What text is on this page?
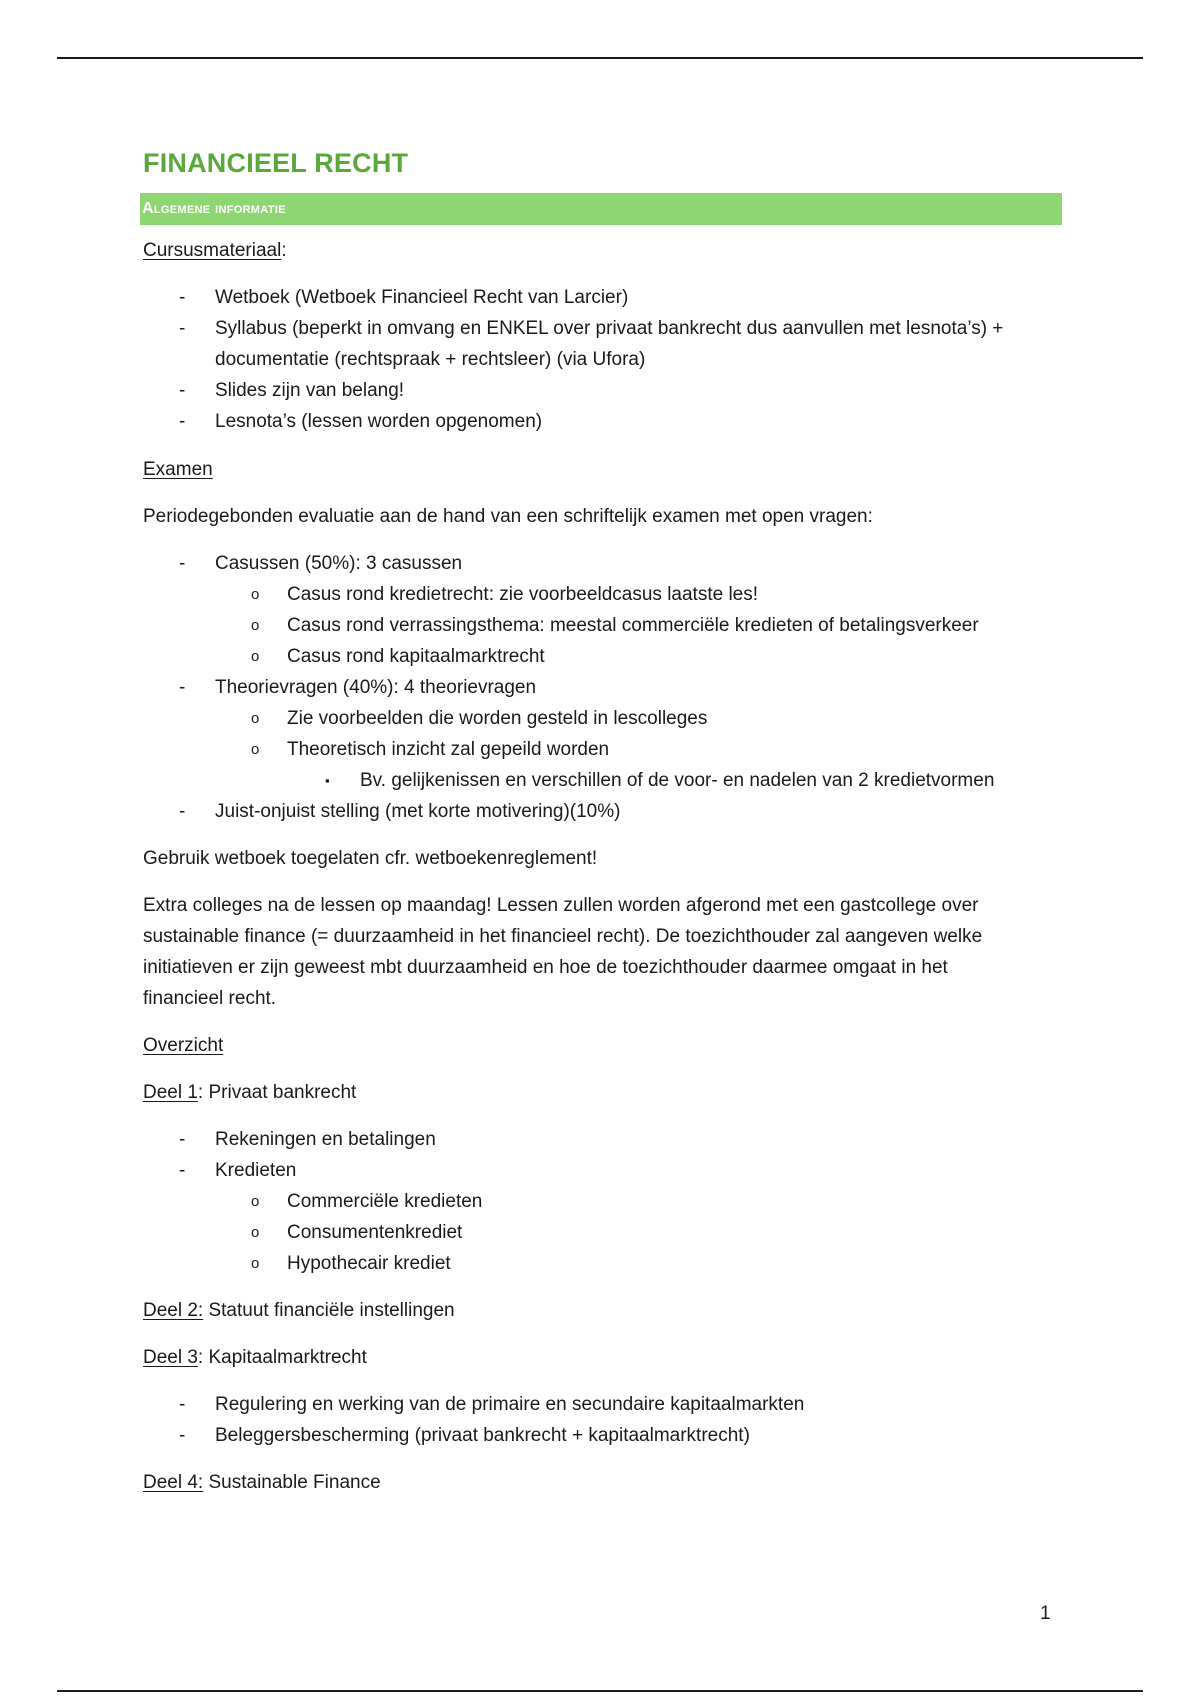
FINANCIEEL RECHT
Algemene informatie

Cursusmateriaal:

- Wetboek (Wetboek Financieel Recht van Larcier)
- Syllabus (beperkt in omvang en ENKEL over privaat bankrecht dus aanvullen met lesnota’s) +
documentatie (rechtspraak + rechtsleer) (via Ufora)
- Slides zijn van belang!
- Lesnota’s (lessen worden opgenomen)

Examen

Periodegebonden evaluatie aan de hand van een schriftelijk examen met open vragen:

- Casussen (50%): 3 casussen
o Casus rond kredietrecht: zie voorbeeldcasus laatste les!
o Casus rond verrassingsthema: meestal commerciële kredieten of betalingsverkeer
o Casus rond kapitaalmarktrecht
- Theorievragen (40%): 4 theorievragen
o Zie voorbeelden die worden gesteld in lescolleges
o Theoretisch inzicht zal gepeild worden
▪ Bv. gelijkenissen en verschillen of de voor- en nadelen van 2 kredietvormen
- Juist-onjuist stelling (met korte motivering)(10%)

Gebruik wetboek toegelaten cfr. wetboekenreglement!

Extra colleges na de lessen op maandag! Lessen zullen worden afgerond met een gastcollege over

sustainable finance (= duurzaamheid in het financieel recht). De toezichthouder zal aangeven welke

initiatieven er zijn geweest mbt duurzaamheid en hoe de toezichthouder daarmee omgaat in het

financieel recht.

Overzicht

Deel 1: Privaat bankrecht

- Rekeningen en betalingen
- Kredieten
o Commerciële kredieten
o Consumentenkrediet
o Hypothecair krediet

Deel 2: Statuut financiële instellingen

Deel 3: Kapitaalmarktrecht

- Regulering en werking van de primaire en secundaire kapitaalmarkten
- Beleggersbescherming (privaat bankrecht + kapitaalmarktrecht)

Deel 4: Sustainable Finance

1
